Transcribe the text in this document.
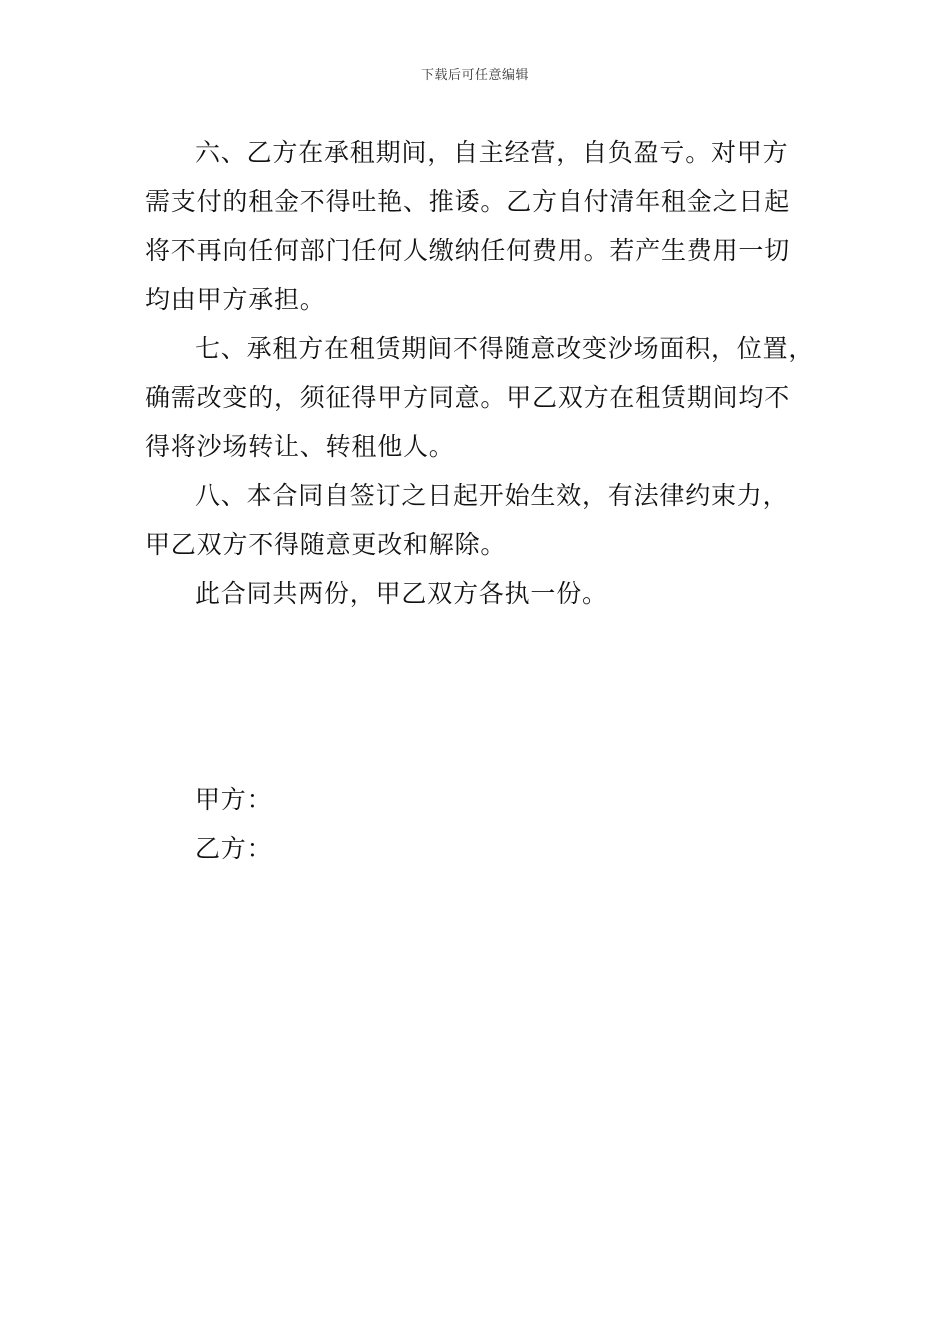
下载后可任意编辑

六、乙方在承租期间，自主经营，自负盈亏。对甲方
需支付的租金不得吐艳、推诿。乙方自付清年租金之日起
将不再向任何部门任何人缴纳任何费用。若产生费用一切
均由甲方承担。

七、承租方在租赁期间不得随意改变沙场面积，位置，
确需改变的，须征得甲方同意。甲乙双方在租赁期间均不
得将沙场转让、转租他人。

八、本合同自签订之日起开始生效，有法律约束力，
甲乙双方不得随意更改和解除。

此合同共两份，甲乙双方各执一份。

甲方：
乙方：
